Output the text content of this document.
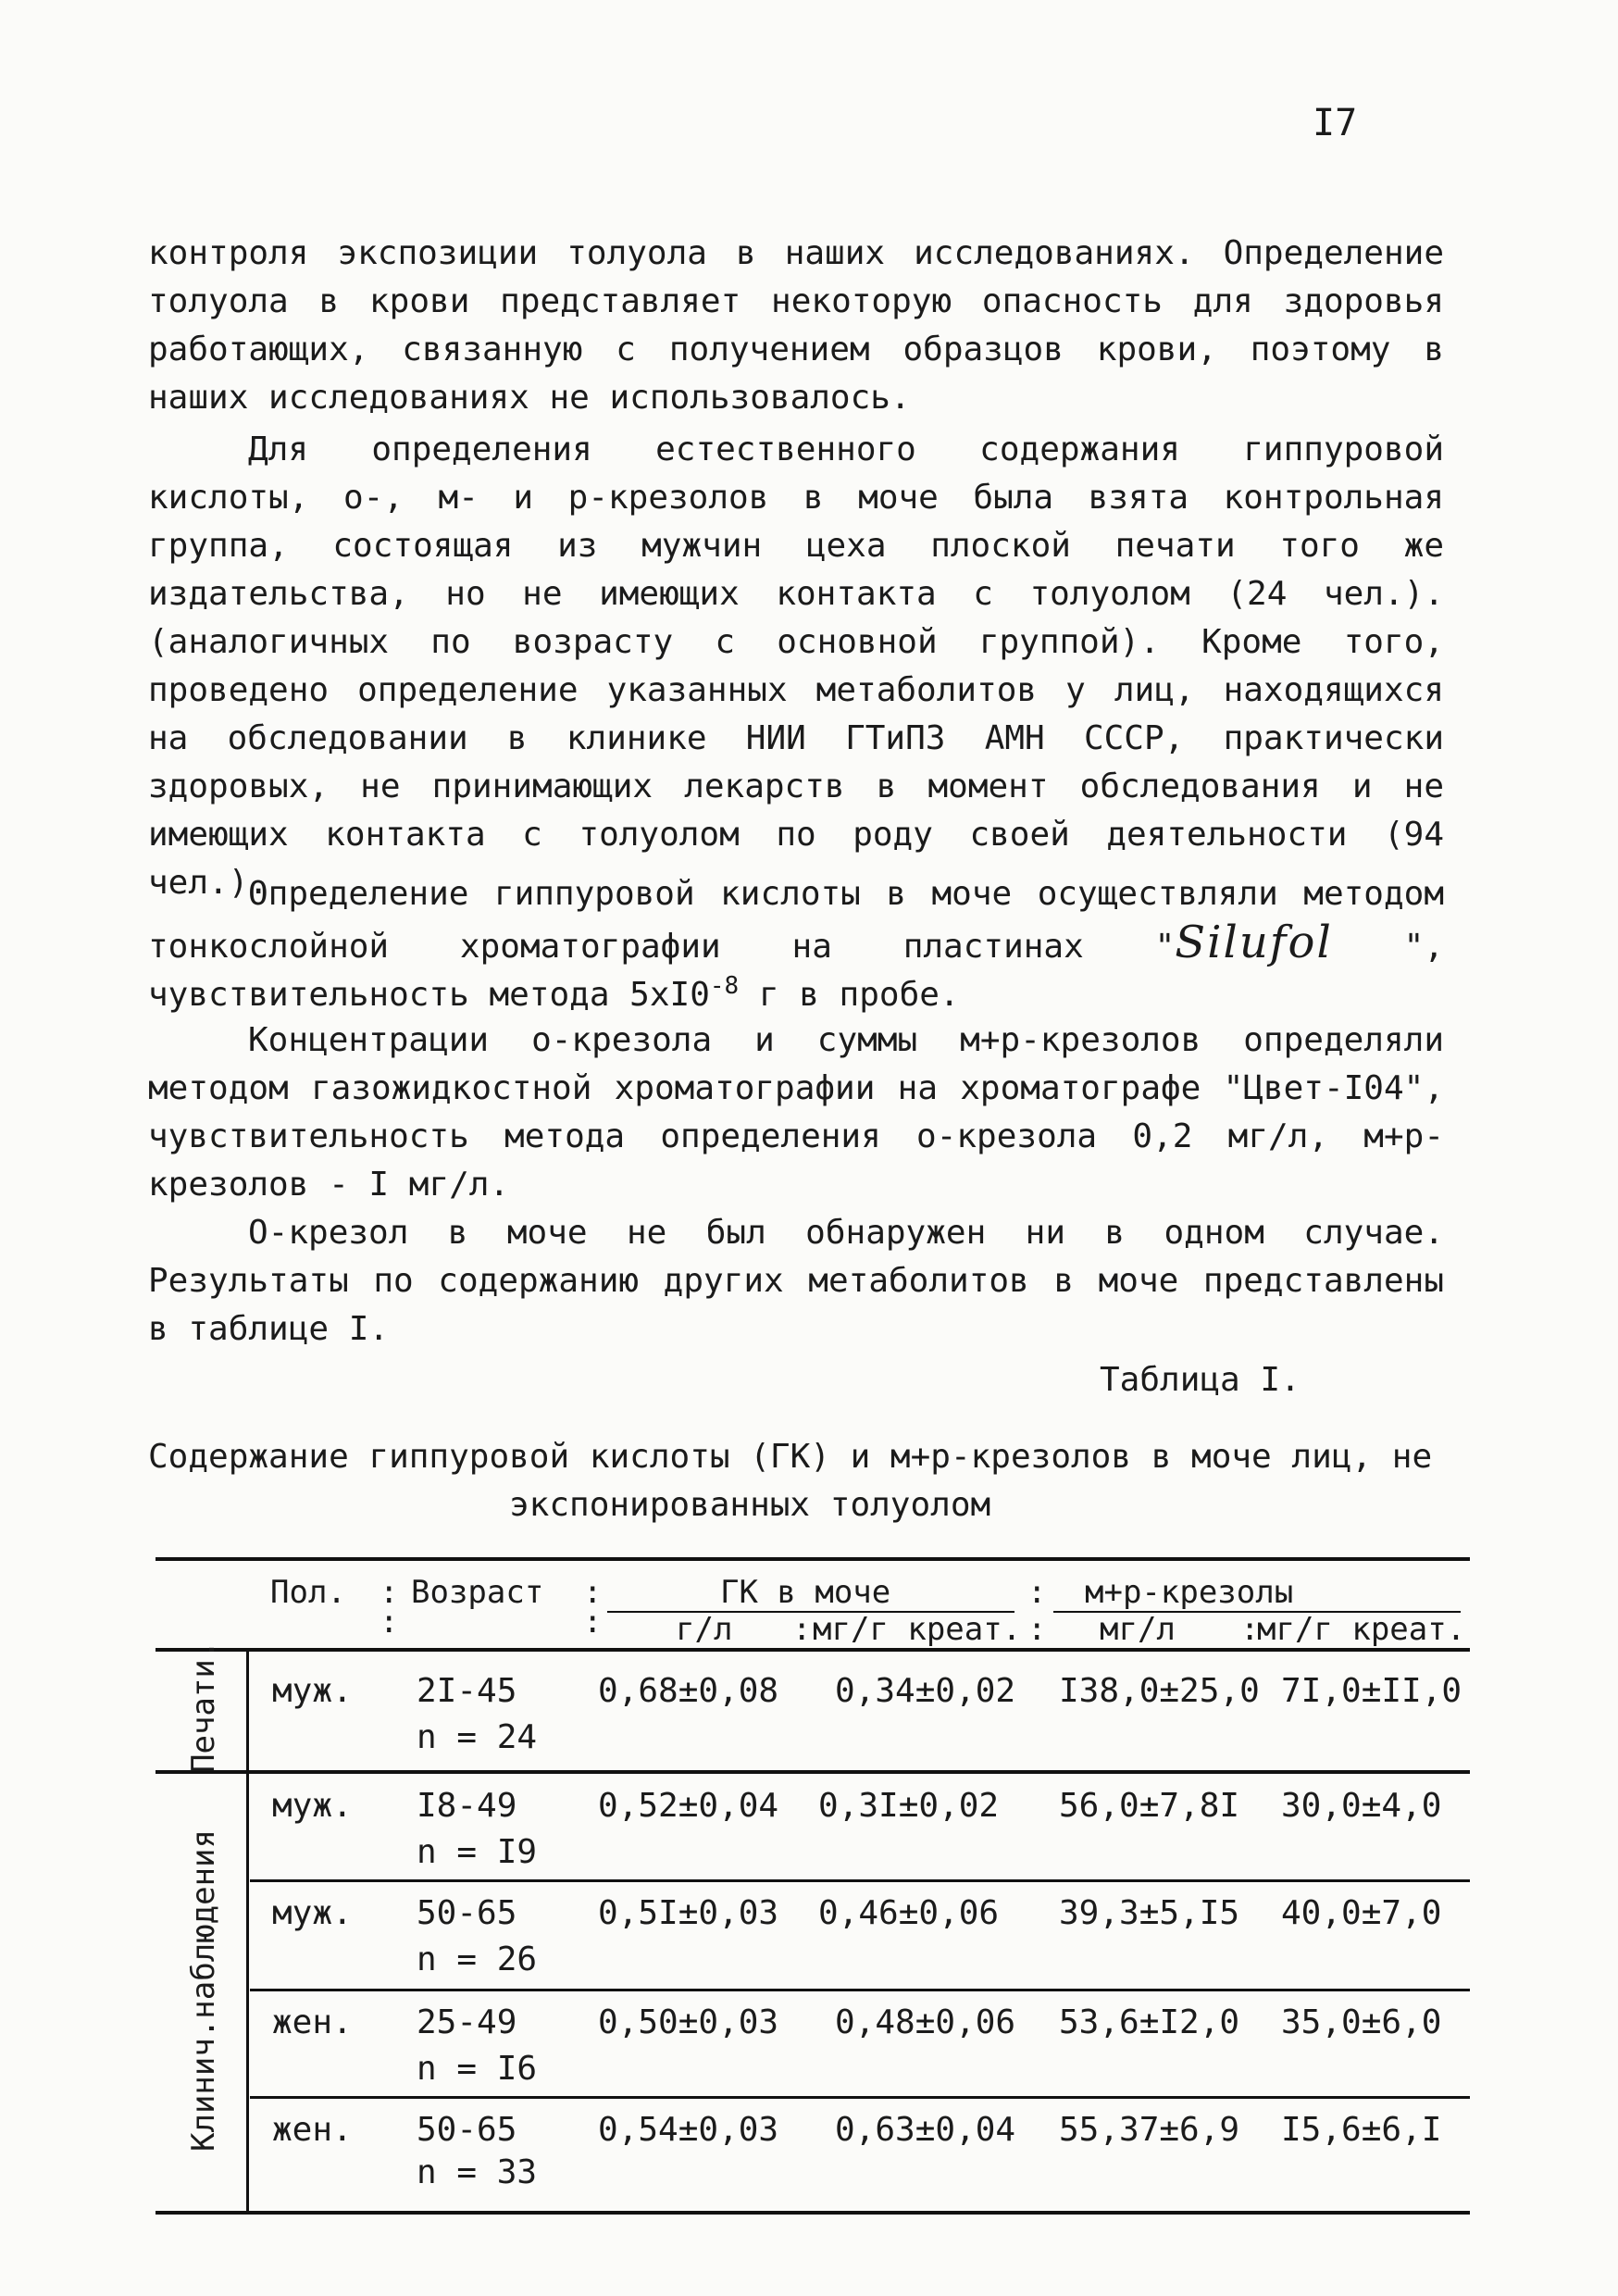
I7

контроля экспозиции толуола в наших исследованиях. Определение толуола в крови представляет некоторую опасность для здоровья работающих, связанную с получением образцов крови, поэтому в наших исследованиях не использовалось.

Для определения естественного содержания гиппуровой кислоты, о-, м- и р-крезолов в моче была взята контрольная группа, состоящая из мужчин цеха плоской печати того же издательства, но не имеющих контакта с толуолом (24 чел.). (аналогичных по возрасту с основной группой). Кроме того, проведено определение указанных метаболитов у лиц, находящихся на обследовании в клинике НИИ ГТиПЗ АМН СССР, практически здоровых, не принимающих лекарств в момент обследования и не имеющих контакта с толуолом по роду своей деятельности (94 чел.).

Определение гиппуровой кислоты в моче осуществляли методом тонкослойной хроматографии на пластинах "Silufol ", чувствительность метода $5хI0^{-8}$ г в пробе.

Концентрации о-крезола и суммы м+р-крезолов определяли методом газожидкостной хроматографии на хроматографе "Цвет-I04", чувствительность метода определения о-крезола 0,2 мг/л, м+р-крезолов - I мг/л.

О-крезол в моче не был обнаружен ни в одном случае. Результаты по содержанию других метаболитов в моче представлены в таблице I.

Таблица I.
Содержание гиппуровой кислоты (ГК) и м+р-крезолов в моче лиц, не
экспонированных толуолом
Пол. :
:
Возраст :
:
ГК в моче	: м+р-крезолы
г/л : мг/г креат. : мг/л :
мг/г креат.
Печати.
Клинич.наблюдения
муж. 2I-45
n = 24
0,68±0,08 0,34±0,02 I38,0±25,0 7I,0±II,0
муж. I8-49
n = I9
0,52±0,04 0,3I±0,02 56,0±7,8I 30,0±4,0
муж. 50-65
n = 26
0,5I±0,03 0,46±0,06 39,3±5,I5 40,0±7,0
жен. 25-49
n = I6
0,50±0,03 0,48±0,06 53,6±I2,0 35,0±6,0
жен. 50-65
n = 33
0,54±0,03 0,63±0,04 55,37±6,9 I5,6±6,I
